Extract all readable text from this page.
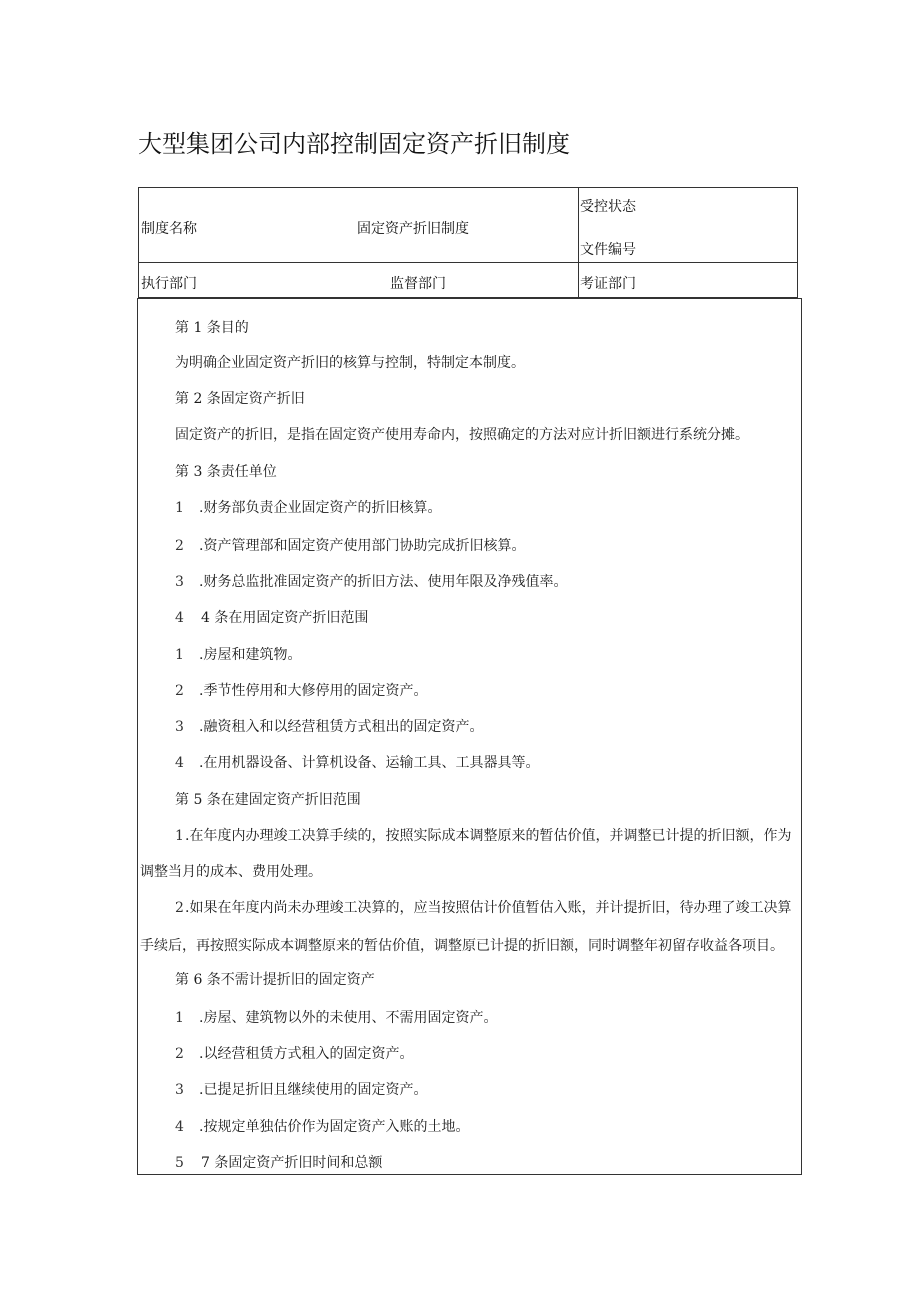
大型集团公司内部控制固定资产折旧制度
制度名称	固定资产折旧制度
受控状态
文件编号
执行部门	监督部门	考证部门
第 1 条目的
为明确企业固定资产折旧的核算与控制，特制定本制度。
第 2 条固定资产折旧
固定资产的折旧，是指在固定资产使用寿命内，按照确定的方法对应计折旧额进行系统分摊。
第 3 条责任单位
1 .财务部负责企业固定资产的折旧核算。
2 .资产管理部和固定资产使用部门协助完成折旧核算。
3 .财务总监批准固定资产的折旧方法、使用年限及净残值率。
4 4 条在用固定资产折旧范围
1 .房屋和建筑物。
2 .季节性停用和大修停用的固定资产。
3 .融资租入和以经营租赁方式租出的固定资产。
4 .在用机器设备、计算机设备、运输工具、工具器具等。
第 5 条在建固定资产折旧范围
1.在年度内办理竣工决算手续的，按照实际成本调整原来的暂估价值，并调整已计提的折旧额，作为
调整当月的成本、费用处理。
2.如果在年度内尚未办理竣工决算的，应当按照估计价值暂估入账，并计提折旧，待办理了竣工决算
手续后，再按照实际成本调整原来的暂估价值，调整原已计提的折旧额，同时调整年初留存收益各项目。
第 6 条不需计提折旧的固定资产
1 .房屋、建筑物以外的未使用、不需用固定资产。
2 .以经营租赁方式租入的固定资产。
3 .已提足折旧且继续使用的固定资产。
4 .按规定单独估价作为固定资产入账的土地。
5 7 条固定资产折旧时间和总额
